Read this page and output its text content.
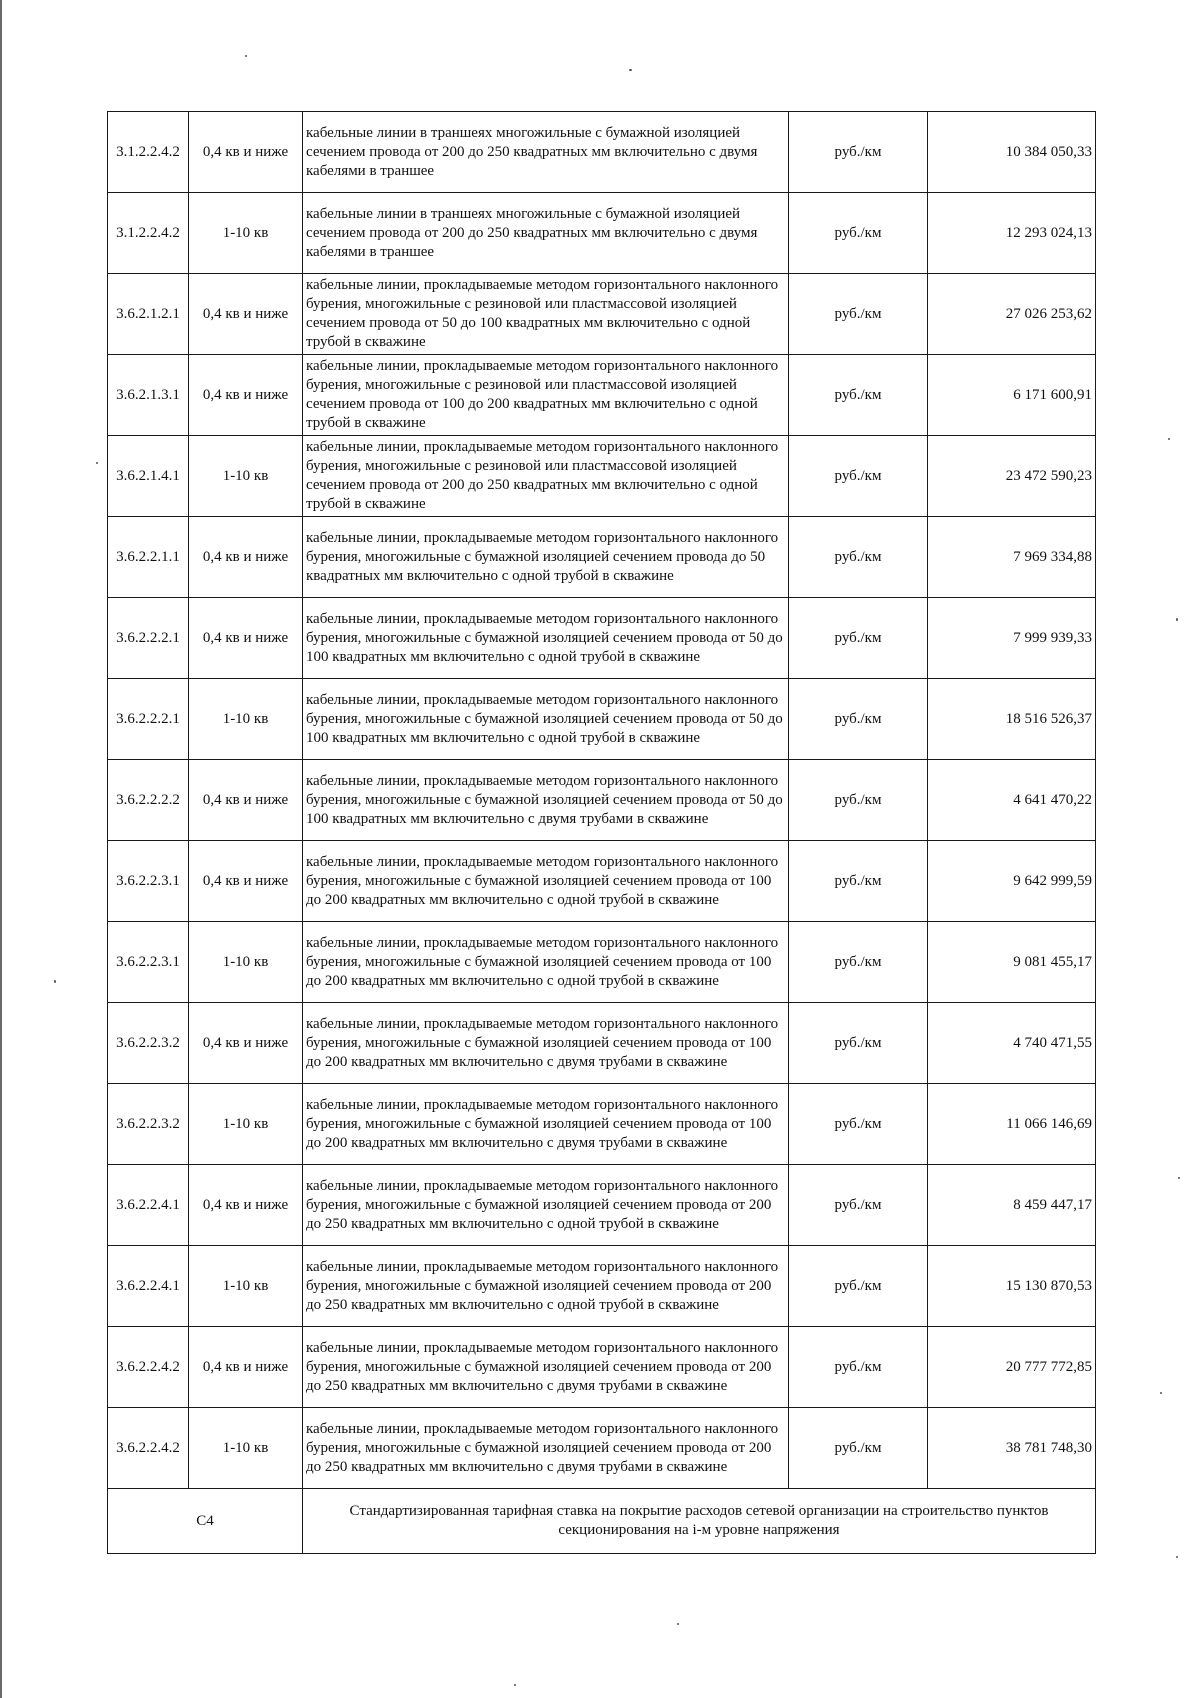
3.1.2.2.4.2	0,4 кв и ниже	кабельные линии в траншеях многожильные с бумажной изоляцией сечением провода от 200 до 250 квадратных мм включительно с двумя кабелями в траншее	руб./км	10 384 050,33
3.1.2.2.4.2	1-10 кв	кабельные линии в траншеях многожильные с бумажной изоляцией сечением провода от 200 до 250 квадратных мм включительно с двумя кабелями в траншее	руб./км	12 293 024,13
3.6.2.1.2.1	0,4 кв и ниже	кабельные линии, прокладываемые методом горизонтального наклонного бурения, многожильные с резиновой или пластмассовой изоляцией сечением провода от 50 до 100 квадратных мм включительно с одной трубой в скважине	руб./км	27 026 253,62
3.6.2.1.3.1	0,4 кв и ниже	кабельные линии, прокладываемые методом горизонтального наклонного бурения, многожильные с резиновой или пластмассовой изоляцией сечением провода от 100 до 200 квадратных мм включительно с одной трубой в скважине	руб./км	6 171 600,91
3.6.2.1.4.1	1-10 кв	кабельные линии, прокладываемые методом горизонтального наклонного бурения, многожильные с резиновой или пластмассовой изоляцией сечением провода от 200 до 250 квадратных мм включительно с одной трубой в скважине	руб./км	23 472 590,23
3.6.2.2.1.1	0,4 кв и ниже	кабельные линии, прокладываемые методом горизонтального наклонного бурения, многожильные с бумажной изоляцией сечением провода до 50 квадратных мм включительно с одной трубой в скважине	руб./км	7 969 334,88
3.6.2.2.2.1	0,4 кв и ниже	кабельные линии, прокладываемые методом горизонтального наклонного бурения, многожильные с бумажной изоляцией сечением провода от 50 до 100 квадратных мм включительно с одной трубой в скважине	руб./км	7 999 939,33
3.6.2.2.2.1	1-10 кв	кабельные линии, прокладываемые методом горизонтального наклонного бурения, многожильные с бумажной изоляцией сечением провода от 50 до 100 квадратных мм включительно с одной трубой в скважине	руб./км	18 516 526,37
3.6.2.2.2.2	0,4 кв и ниже	кабельные линии, прокладываемые методом горизонтального наклонного бурения, многожильные с бумажной изоляцией сечением провода от 50 до 100 квадратных мм включительно с двумя трубами в скважине	руб./км	4 641 470,22
3.6.2.2.3.1	0,4 кв и ниже	кабельные линии, прокладываемые методом горизонтального наклонного бурения, многожильные с бумажной изоляцией сечением провода от 100 до 200 квадратных мм включительно с одной трубой в скважине	руб./км	9 642 999,59
3.6.2.2.3.1	1-10 кв	кабельные линии, прокладываемые методом горизонтального наклонного бурения, многожильные с бумажной изоляцией сечением провода от 100 до 200 квадратных мм включительно с одной трубой в скважине	руб./км	9 081 455,17
3.6.2.2.3.2	0,4 кв и ниже	кабельные линии, прокладываемые методом горизонтального наклонного бурения, многожильные с бумажной изоляцией сечением провода от 100 до 200 квадратных мм включительно с двумя трубами в скважине	руб./км	4 740 471,55
3.6.2.2.3.2	1-10 кв	кабельные линии, прокладываемые методом горизонтального наклонного бурения, многожильные с бумажной изоляцией сечением провода от 100 до 200 квадратных мм включительно с двумя трубами в скважине	руб./км	11 066 146,69
3.6.2.2.4.1	0,4 кв и ниже	кабельные линии, прокладываемые методом горизонтального наклонного бурения, многожильные с бумажной изоляцией сечением провода от 200 до 250 квадратных мм включительно с одной трубой в скважине	руб./км	8 459 447,17
3.6.2.2.4.1	1-10 кв	кабельные линии, прокладываемые методом горизонтального наклонного бурения, многожильные с бумажной изоляцией сечением провода от 200 до 250 квадратных мм включительно с одной трубой в скважине	руб./км	15 130 870,53
3.6.2.2.4.2	0,4 кв и ниже	кабельные линии, прокладываемые методом горизонтального наклонного бурения, многожильные с бумажной изоляцией сечением провода от 200 до 250 квадратных мм включительно с двумя трубами в скважине	руб./км	20 777 772,85
3.6.2.2.4.2	1-10 кв	кабельные линии, прокладываемые методом горизонтального наклонного бурения, многожильные с бумажной изоляцией сечением провода от 200 до 250 квадратных мм включительно с двумя трубами в скважине	руб./км	38 781 748,30
C4		Стандартизированная тарифная ставка на покрытие расходов сетевой организации на строительство пунктов секционирования на i-м уровне напряжения		
